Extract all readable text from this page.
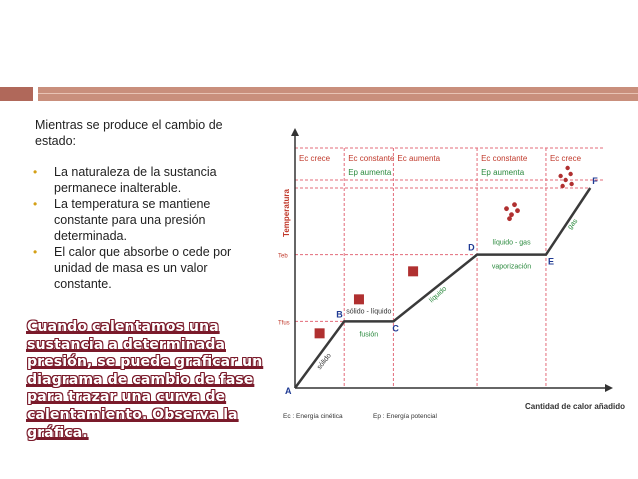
Mientras se produce el cambio de estado:
• La naturaleza de la sustancia permanece inalterable.
• La temperatura se mantiene constante para una presión determinada.
• El calor que absorbe o cede por unidad de masa es un valor constante.
Cuando calentamos una sustancia a determinada presión, se puede graficar un diagrama de cambio de fase para trazar una curva de calentamiento. Observa la gráfica.
Ec crece Ec constante
Ep aumenta
Ec aumenta	Ec constante
Ep aumenta
Ec crece
Temperatura
Cantidad de calor añadido
Teb
Tfus
A
B
C
D
E
F
sólido
fusión
líquido
vaporización
gas
sólido - líquido
líquido - gas
Ec : Energía cinética	Ep : Energía potencial
